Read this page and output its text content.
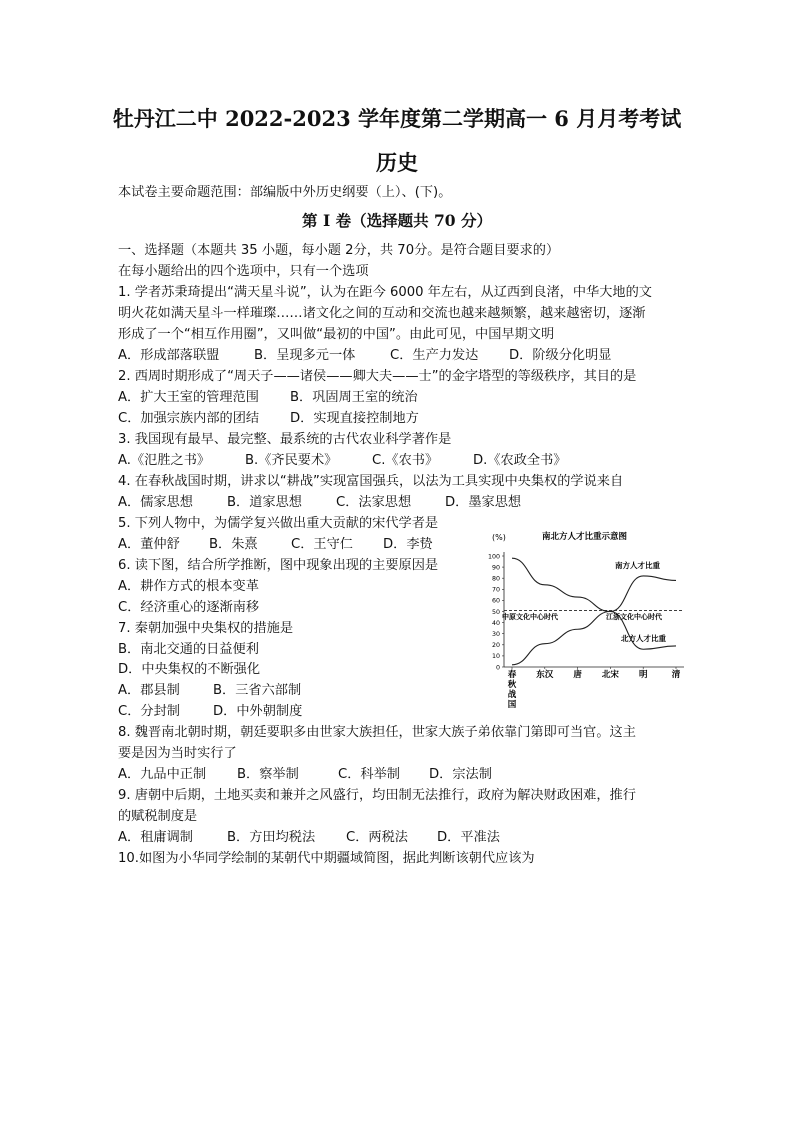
牡丹江二中 2022-2023 学年度第二学期高一 6 月月考考试
历史
本试卷主要命题范围：部编版中外历史纲要（上）、(下)。
第 I 卷（选择题共 70 分）
一、选择题（本题共 35 小题，每小题 2分，共 70分。是符合题目要求的）
在每小题给出的四个选项中，只有一个选项
1. 学者苏秉琦提出“满天星斗说”，认为在距今 6000 年左右，从辽西到良渚，中华大地的文
明火花如满天星斗一样璀璨……诸文化之间的互动和交流也越来越频繁，越来越密切，逐渐
形成了一个“相互作用圈”，又叫做“最初的中国”。由此可见，中国早期文明
A．形成部落联盟	B．呈现多元一体	C．生产力发达	D．阶级分化明显
2. 西周时期形成了“周天子——诸侯——卿大夫——士”的金字塔型的等级秩序，其目的是
A．扩大王室的管理范围	B．巩固周王室的统治
C．加强宗族内部的团结	D．实现直接控制地方
3. 我国现有最早、最完整、最系统的古代农业科学著作是
A.《氾胜之书》	B.《齐民要术》	C.《农书》	D.《农政全书》
4. 在春秋战国时期，讲求以“耕战”实现富国强兵，以法为工具实现中央集权的学说来自
A．儒家思想	B．道家思想	C．法家思想	D．墨家思想
5. 下列人物中，为儒学复兴做出重大贡献的宋代学者是
A．董仲舒	B．朱熹	C．王守仁	D．李贽
6. 读下图，结合所学推断，图中现象出现的主要原因是
A．耕作方式的根本变革
C．经济重心的逐渐南移
7. 秦朝加强中央集权的措施是
B．南北交通的日益便利
D．中央集权的不断强化
A．郡县制	B．三省六部制
C．分封制	D．中外朝制度
8. 魏晋南北朝时期，朝廷要职多由世家大族担任，世家大族子弟依靠门第即可当官。这主
要是因为当时实行了
A．九品中正制	B．察举制	C．科举制	D．宗法制
9. 唐朝中后期，土地买卖和兼并之风盛行，均田制无法推行，政府为解决财政困难，推行
的赋税制度是
A．租庸调制	B．方田均税法	C．两税法	D．平准法
10.如图为小华同学绘制的某朝代中期疆域简图，据此判断该朝代应该为
南北方人才比重示意图
(%)
0
10
20
30
40
50
60
70
80
90
100
春
秋
战
国
东汉 唐 北宋 明	清
中原文化中心时代	江浙文化中心时代
南方人才比重
北方人才比重
